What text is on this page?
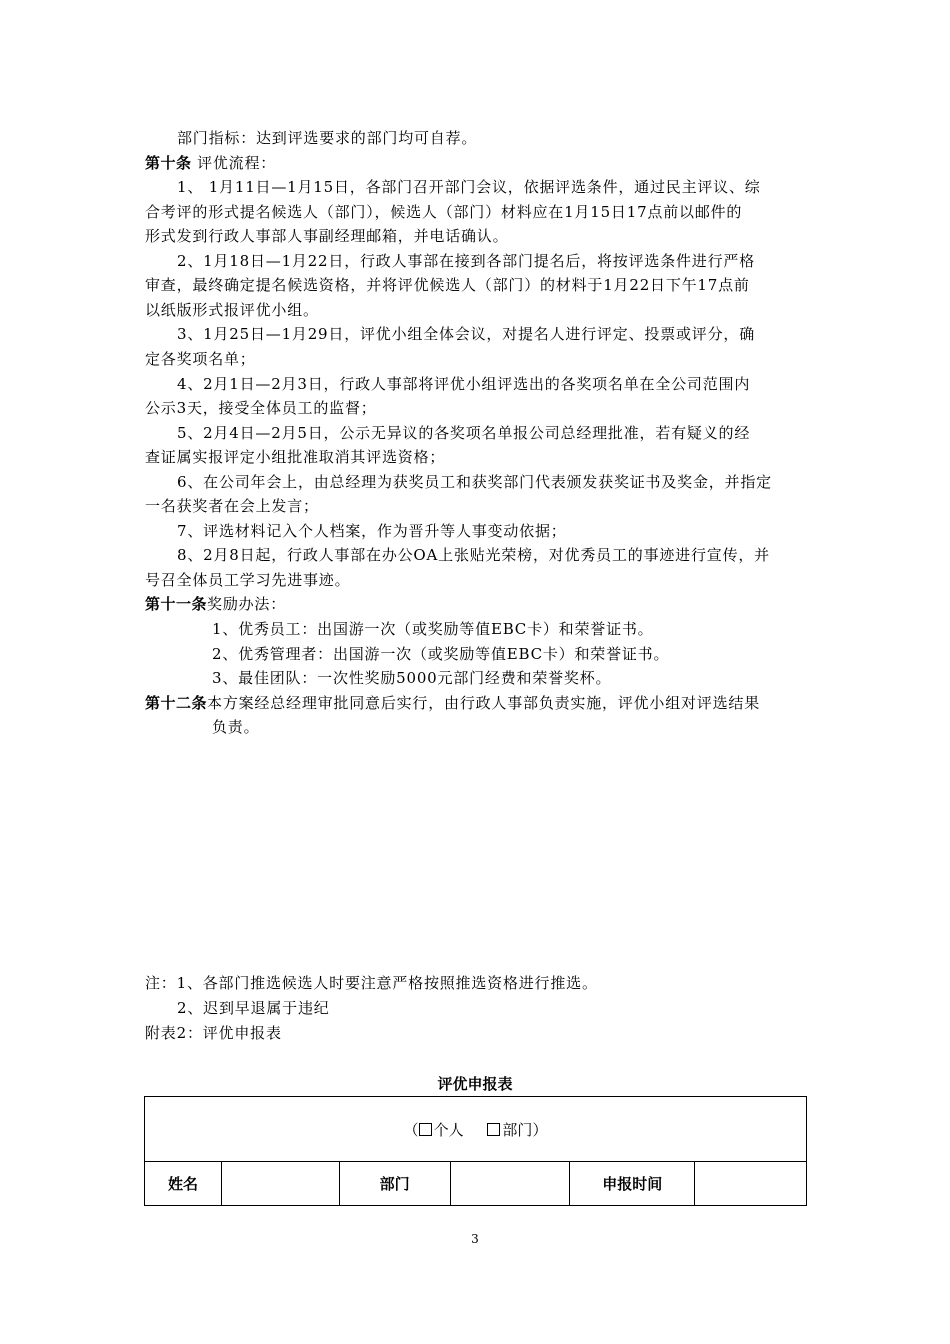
部门指标：达到评选要求的部门均可自荐。
第十条 评优流程：
1、 1月11日—1月15日，各部门召开部门会议，依据评选条件，通过民主评议、综
合考评的形式提名候选人（部门），候选人（部门）材料应在1月15日17点前以邮件的
形式发到行政人事部人事副经理邮箱，并电话确认。
2、1月18日—1月22日，行政人事部在接到各部门提名后，将按评选条件进行严格
审查，最终确定提名候选资格，并将评优候选人（部门）的材料于1月22日下午17点前
以纸版形式报评优小组。
3、1月25日—1月29日，评优小组全体会议，对提名人进行评定、投票或评分，确
定各奖项名单；
4、2月1日—2月3日，行政人事部将评优小组评选出的各奖项名单在全公司范围内
公示3天，接受全体员工的监督；
5、2月4日—2月5日，公示无异议的各奖项名单报公司总经理批准，若有疑义的经
查证属实报评定小组批准取消其评选资格；
6、在公司年会上，由总经理为获奖员工和获奖部门代表颁发获奖证书及奖金，并指定
一名获奖者在会上发言；
7、评选材料记入个人档案，作为晋升等人事变动依据；
8、2月8日起，行政人事部在办公OA上张贴光荣榜，对优秀员工的事迹进行宣传，并
号召全体员工学习先进事迹。
第十一条奖励办法：
1、优秀员工：出国游一次（或奖励等值EBC卡）和荣誉证书。
2、优秀管理者：出国游一次（或奖励等值EBC卡）和荣誉证书。
3、最佳团队：一次性奖励5000元部门经费和荣誉奖杯。
第十二条本方案经总经理审批同意后实行，由行政人事部负责实施，评优小组对评选结果
负责。
注：1、各部门推选候选人时要注意严格按照推选资格进行推选。
2、迟到早退属于违纪
附表2：评优申报表
评优申报表
（ 个人	部门）
姓名		部门		申报时间	
3
